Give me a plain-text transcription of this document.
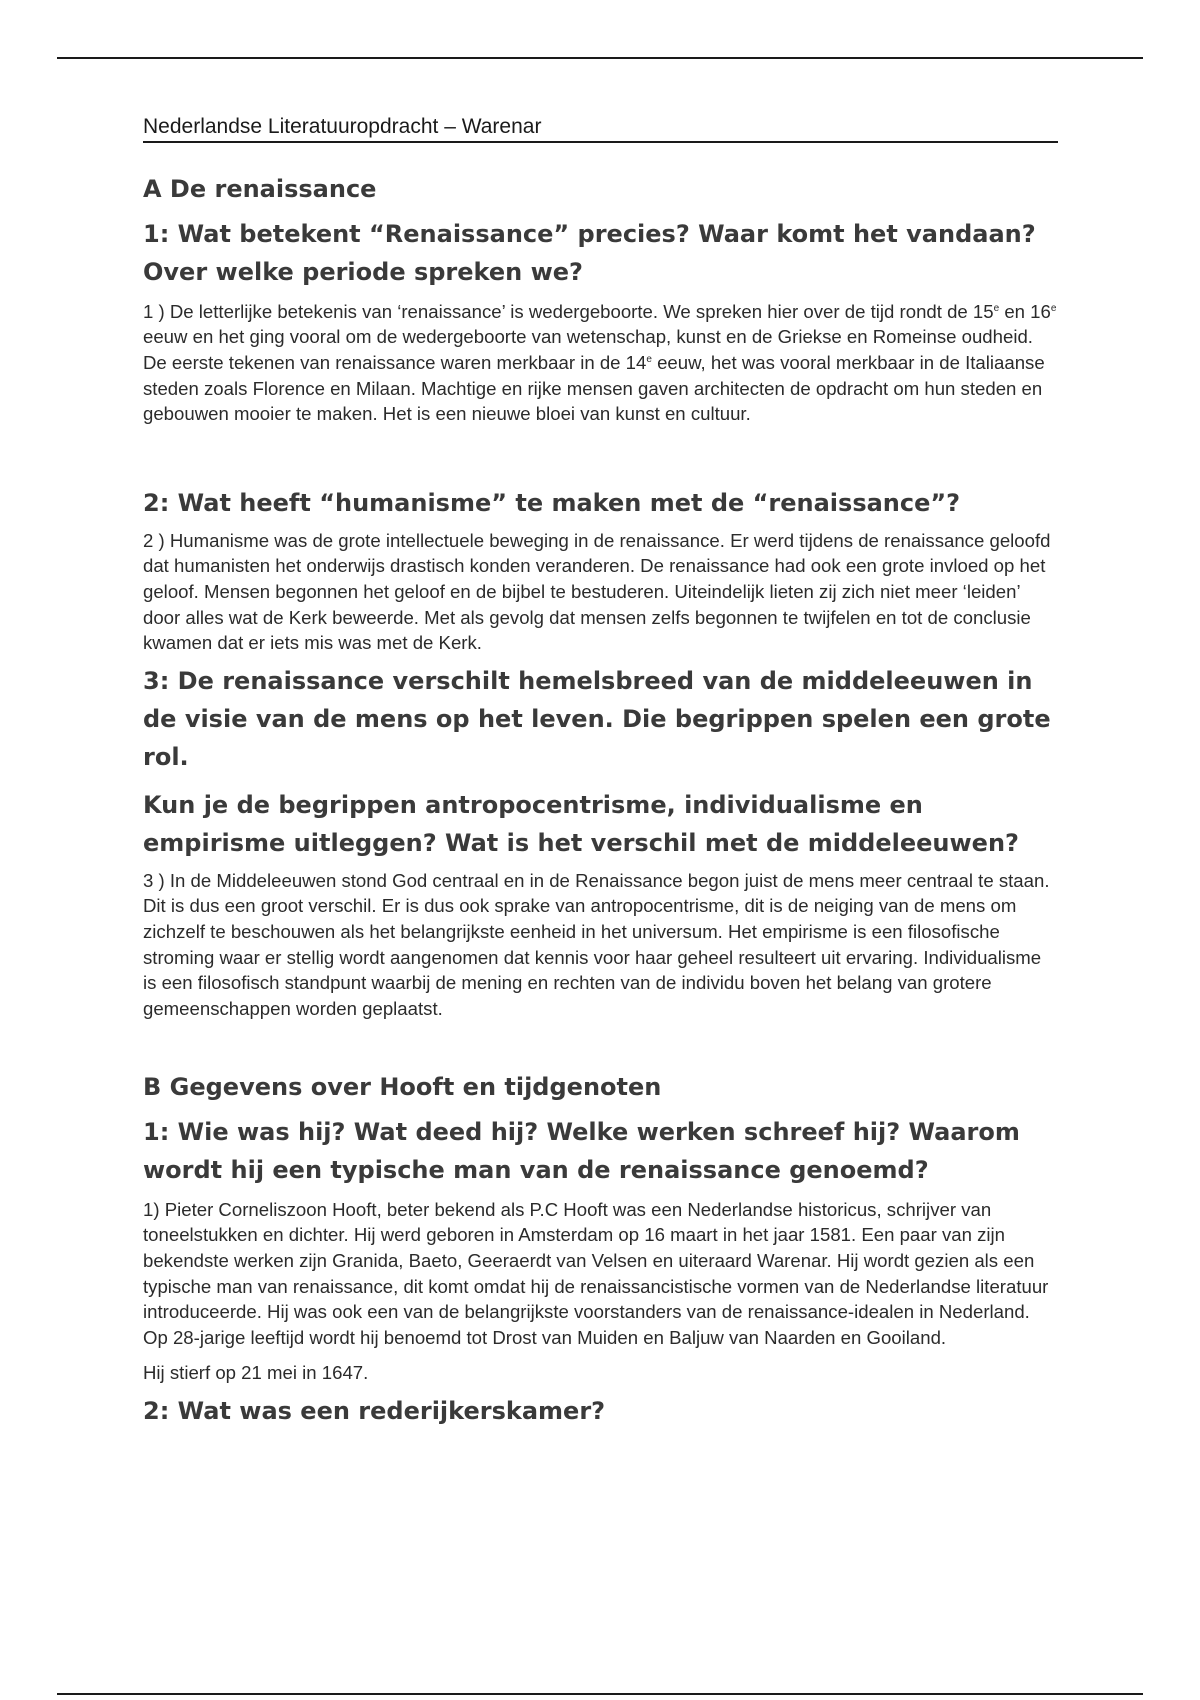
Nederlandse Literatuuropdracht – Warenar
A De renaissance
1: Wat betekent “Renaissance” precies? Waar komt het vandaan? Over welke periode spreken we?

1 ) De letterlijke betekenis van ‘renaissance’ is wedergeboorte. We spreken hier over de tijd rondt de 15e en 16e eeuw en het ging vooral om de wedergeboorte van wetenschap, kunst en de Griekse en Romeinse oudheid. De eerste tekenen van renaissance waren merkbaar in de 14e eeuw, het was vooral merkbaar in de Italiaanse steden zoals Florence en Milaan. Machtige en rijke mensen gaven architecten de opdracht om hun steden en gebouwen mooier te maken. Het is een nieuwe bloei van kunst en cultuur.

2: Wat heeft “humanisme” te maken met de “renaissance”?

2 ) Humanisme was de grote intellectuele beweging in de renaissance. Er werd tijdens de renaissance geloofd dat humanisten het onderwijs drastisch konden veranderen. De renaissance had ook een grote invloed op het geloof. Mensen begonnen het geloof en de bijbel te bestuderen. Uiteindelijk lieten zij zich niet meer ‘leiden’ door alles wat de Kerk beweerde. Met als gevolg dat mensen zelfs begonnen te twijfelen en tot de conclusie kwamen dat er iets mis was met de Kerk.

3: De renaissance verschilt hemelsbreed van de middeleeuwen in de visie van de mens op het leven. Die begrippen spelen een grote rol.
Kun je de begrippen antropocentrisme, individualisme en empirisme uitleggen? Wat is het verschil met de middeleeuwen?

3 ) In de Middeleeuwen stond God centraal en in de Renaissance begon juist de mens meer centraal te staan. Dit is dus een groot verschil. Er is dus ook sprake van antropocentrisme, dit is de neiging van de mens om zichzelf te beschouwen als het belangrijkste eenheid in het universum. Het empirisme is een filosofische stroming waar er stellig wordt aangenomen dat kennis voor haar geheel resulteert uit ervaring. Individualisme is een filosofisch standpunt waarbij de mening en rechten van de individu boven het belang van grotere gemeenschappen worden geplaatst.

B Gegevens over Hooft en tijdgenoten
1: Wie was hij? Wat deed hij? Welke werken schreef hij? Waarom wordt hij een typische man van de renaissance genoemd?

1) Pieter Corneliszoon Hooft, beter bekend als P.C Hooft was een Nederlandse historicus, schrijver van toneelstukken en dichter. Hij werd geboren in Amsterdam op 16 maart in het jaar 1581. Een paar van zijn bekendste werken zijn Granida, Baeto, Geeraerdt van Velsen en uiteraard Warenar. Hij wordt gezien als een typische man van renaissance, dit komt omdat hij de renaissancistische vormen van de Nederlandse literatuur introduceerde. Hij was ook een van de belangrijkste voorstanders van de renaissance-idealen in Nederland. Op 28-jarige leeftijd wordt hij benoemd tot Drost van Muiden en Baljuw van Naarden en Gooiland.

Hij stierf op 21 mei in 1647.

2: Wat was een rederijkerskamer?
